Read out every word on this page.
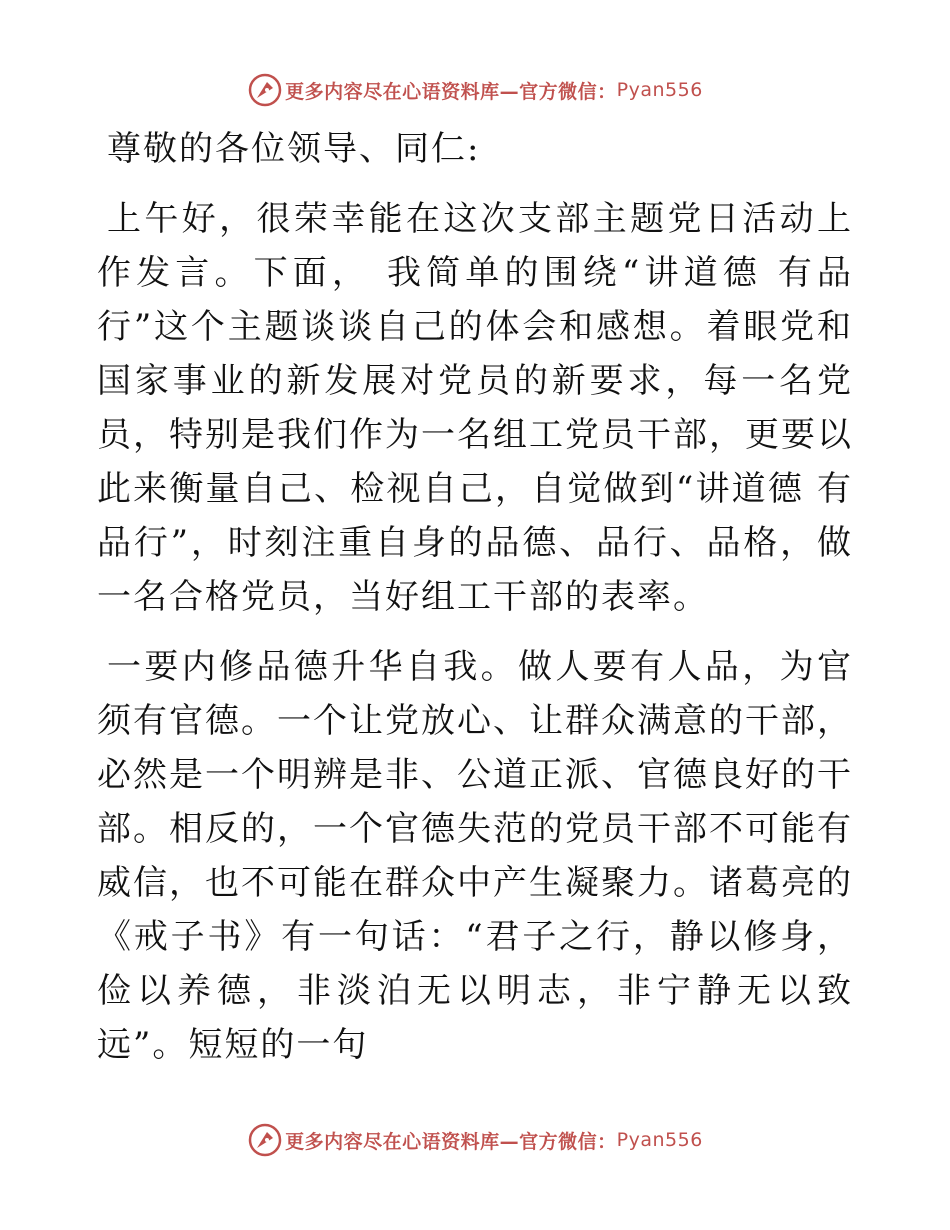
更多内容尽在心语资料库—官方微信： Pyan556

尊敬的各位领导、同仁:

上午好，很荣幸能在这次支部主题党日活动上作发言。下面， 我简单的围绕“讲道德 有品行”这个主题谈谈自己的体会和感想。着眼党和国家事业的新发展对党员的新要求，每一名党员，特别是我们作为一名组工党员干部，更要以此来衡量自己、检视自己，自觉做到“讲道德 有品行”，时刻注重自身的品德、品行、品格，做一名合格党员，当好组工干部的表率。

一要内修品德升华自我。做人要有人品，为官须有官德。一个让党放心、让群众满意的干部，必然是一个明辨是非、公道正派、官德良好的干部。相反的，一个官德失范的党员干部不可能有威信，也不可能在群众中产生凝聚力。诸葛亮的《戒子书》有一句话：“君子之行，静以修身，俭以养德，非淡泊无以明志，非宁静无以致远”。短短的一句

更多内容尽在心语资料库—官方微信： Pyan556
